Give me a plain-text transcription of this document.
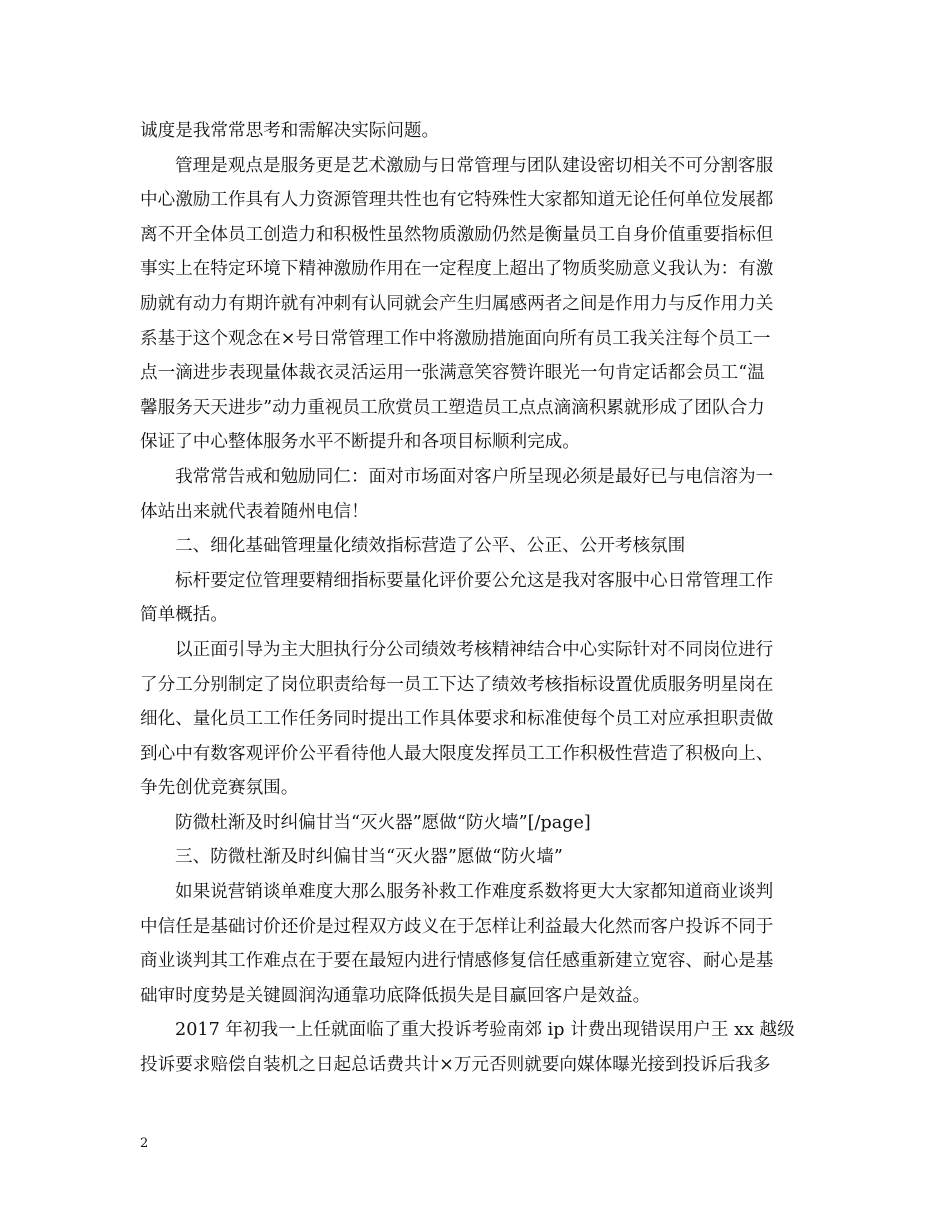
诚度是我常常思考和需解决实际问题。
管理是观点是服务更是艺术激励与日常管理与团队建设密切相关不可分割客服
中心激励工作具有人力资源管理共性也有它特殊性大家都知道无论任何单位发展都
离不开全体员工创造力和积极性虽然物质激励仍然是衡量员工自身价值重要指标但
事实上在特定环境下精神激励作用在一定程度上超出了物质奖励意义我认为：有激
励就有动力有期许就有冲刺有认同就会产生归属感两者之间是作用力与反作用力关
系基于这个观念在×号日常管理工作中将激励措施面向所有员工我关注每个员工一
点一滴进步表现量体裁衣灵活运用一张满意笑容赞许眼光一句肯定话都会员工“温
馨服务天天进步”动力重视员工欣赏员工塑造员工点点滴滴积累就形成了团队合力
保证了中心整体服务水平不断提升和各项目标顺利完成。
我常常告戒和勉励同仁：面对市场面对客户所呈现必须是最好已与电信溶为一
体站出来就代表着随州电信！
二、细化基础管理量化绩效指标营造了公平、公正、公开考核氛围
标杆要定位管理要精细指标要量化评价要公允这是我对客服中心日常管理工作
简单概括。
以正面引导为主大胆执行分公司绩效考核精神结合中心实际针对不同岗位进行
了分工分别制定了岗位职责给每一员工下达了绩效考核指标设置优质服务明星岗在
细化、量化员工工作任务同时提出工作具体要求和标准使每个员工对应承担职责做
到心中有数客观评价公平看待他人最大限度发挥员工工作积极性营造了积极向上、
争先创优竞赛氛围。
防微杜渐及时纠偏甘当“灭火器”愿做“防火墙”[/page]
三、防微杜渐及时纠偏甘当“灭火器”愿做“防火墙”
如果说营销谈单难度大那么服务补救工作难度系数将更大大家都知道商业谈判
中信任是基础讨价还价是过程双方歧义在于怎样让利益最大化然而客户投诉不同于
商业谈判其工作难点在于要在最短内进行情感修复信任感重新建立宽容、耐心是基
础审时度势是关键圆润沟通靠功底降低损失是目赢回客户是效益。
2017 年初我一上任就面临了重大投诉考验南郊 ip 计费出现错误用户王 xx 越级
投诉要求赔偿自装机之日起总话费共计×万元否则就要向媒体曝光接到投诉后我多
2
